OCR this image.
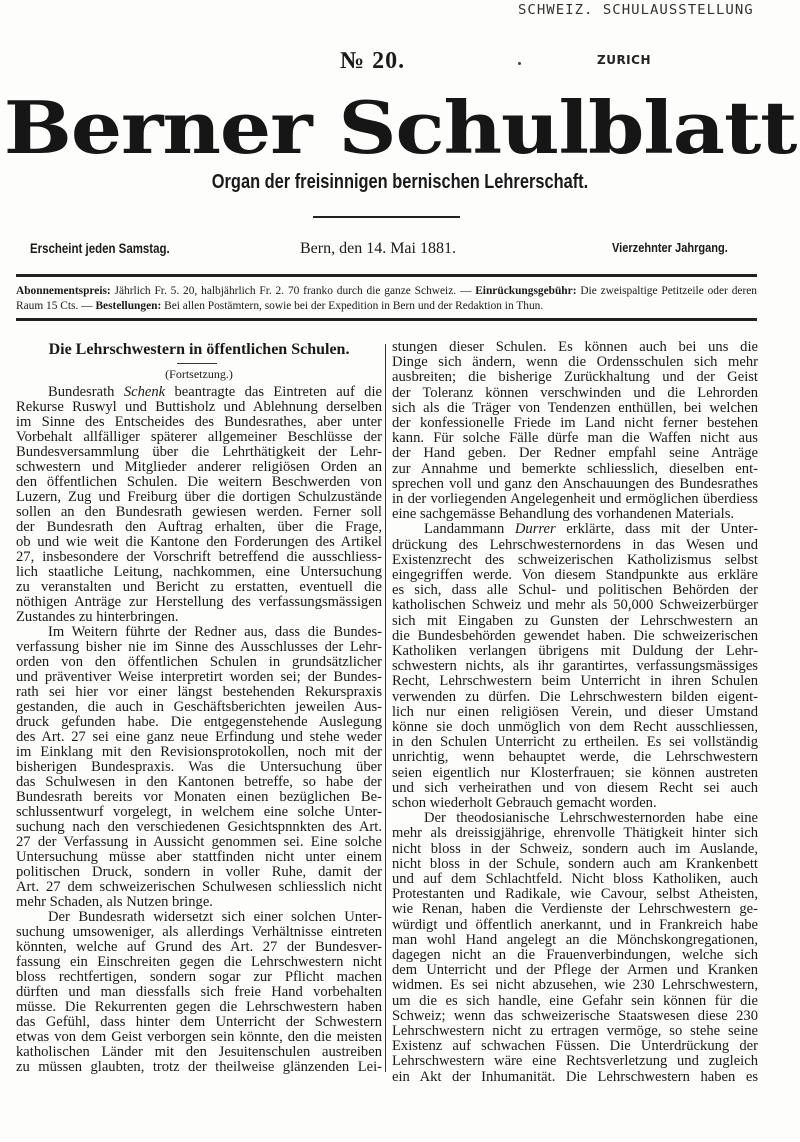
SCHWEIZ. SCHULAUSSTELLUNG
№ 20.	ZURICH
Berner Schulblatt
Organ der freisinnigen bernischen Lehrerschaft.
Erscheint jeden Samstag.	Bern, den 14. Mai 1881.	Vierzehnter Jahrgang.
Abonnementspreis: Jährlich Fr. 5. 20, halbjährlich Fr. 2. 70 franko durch die ganze Schweiz. — Einrückungsgebühr: Die zweispaltige Petitzeile oder deren Raum 15 Cts. — Bestellungen: Bei allen Postämtern, sowie bei der Expedition in Bern und der Redaktion in Thun.
Die Lehrschwestern in öffentlichen Schulen.
(Fortsetzung.)
Bundesrath Schenk beantragte das Eintreten auf die
Rekurse Ruswyl und Buttisholz und Ablehnung derselben
im Sinne des Entscheides des Bundesrathes, aber unter
Vorbehalt allfälliger späterer allgemeiner Beschlüsse der
Bundesversammlung über die Lehrthätigkeit der Lehr-
schwestern und Mitglieder anderer religiösen Orden an
den öffentlichen Schulen. Die weitern Beschwerden von
Luzern, Zug und Freiburg über die dortigen Schulzustände
sollen an den Bundesrath gewiesen werden. Ferner soll
der Bundesrath den Auftrag erhalten, über die Frage,
ob und wie weit die Kantone den Forderungen des Artikel
27, insbesondere der Vorschrift betreffend die ausschliess-
lich staatliche Leitung, nachkommen, eine Untersuchung
zu veranstalten und Bericht zu erstatten, eventuell die
nöthigen Anträge zur Herstellung des verfassungsmässigen
Zustandes zu hinterbringen.
Im Weitern führte der Redner aus, dass die Bundes-
verfassung bisher nie im Sinne des Ausschlusses der Lehr-
orden von den öffentlichen Schulen in grundsätzlicher
und präventiver Weise interpretirt worden sei; der Bundes-
rath sei hier vor einer längst bestehenden Rekurspraxis
gestanden, die auch in Geschäftsberichten jeweilen Aus-
druck gefunden habe. Die entgegenstehende Auslegung
des Art. 27 sei eine ganz neue Erfindung und stehe weder
im Einklang mit den Revisionsprotokollen, noch mit der
bisherigen Bundespraxis. Was die Untersuchung über
das Schulwesen in den Kantonen betreffe, so habe der
Bundesrath bereits vor Monaten einen bezüglichen Be-
schlussentwurf vorgelegt, in welchem eine solche Unter-
suchung nach den verschiedenen Gesichtspnnkten des Art.
27 der Verfassung in Aussicht genommen sei. Eine solche
Untersuchung müsse aber stattfinden nicht unter einem
politischen Druck, sondern in voller Ruhe, damit der
Art. 27 dem schweizerischen Schulwesen schliesslich nicht
mehr Schaden, als Nutzen bringe.
Der Bundesrath widersetzt sich einer solchen Unter-
suchung umsoweniger, als allerdings Verhältnisse eintreten
könnten, welche auf Grund des Art. 27 der Bundesver-
fassung ein Einschreiten gegen die Lehrschwestern nicht
bloss rechtfertigen, sondern sogar zur Pflicht machen
dürften und man diessfalls sich freie Hand vorbehalten
müsse. Die Rekurrenten gegen die Lehrschwestern haben
das Gefühl, dass hinter dem Unterricht der Schwestern
etwas von dem Geist verborgen sein könnte, den die meisten
katholischen Länder mit den Jesuitenschulen austreiben
zu müssen glaubten, trotz der theilweise glänzenden Lei-
stungen dieser Schulen. Es können auch bei uns die
Dinge sich ändern, wenn die Ordensschulen sich mehr
ausbreiten; die bisherige Zurückhaltung und der Geist
der Toleranz können verschwinden und die Lehrorden
sich als die Träger von Tendenzen enthüllen, bei welchen
der konfessionelle Friede im Land nicht ferner bestehen
kann. Für solche Fälle dürfe man die Waffen nicht aus
der Hand geben. Der Redner empfahl seine Anträge
zur Annahme und bemerkte schliesslich, dieselben ent-
sprechen voll und ganz den Anschauungen des Bundesrathes
in der vorliegenden Angelegenheit und ermöglichen überdiess
eine sachgemässe Behandlung des vorhandenen Materials.
Landammann Durrer erklärte, dass mit der Unter-
drückung des Lehrschwesternordens in das Wesen und
Existenzrecht des schweizerischen Katholizismus selbst
eingegriffen werde. Von diesem Standpunkte aus erkläre
es sich, dass alle Schul- und politischen Behörden der
katholischen Schweiz und mehr als 50,000 Schweizerbürger
sich mit Eingaben zu Gunsten der Lehrschwestern an
die Bundesbehörden gewendet haben. Die schweizerischen
Katholiken verlangen übrigens mit Duldung der Lehr-
schwestern nichts, als ihr garantirtes, verfassungsmässiges
Recht, Lehrschwestern beim Unterricht in ihren Schulen
verwenden zu dürfen. Die Lehrschwestern bilden eigent-
lich nur einen religiösen Verein, und dieser Umstand
könne sie doch unmöglich von dem Recht ausschliessen,
in den Schulen Unterricht zu ertheilen. Es sei vollständig
unrichtig, wenn behauptet werde, die Lehrschwestern
seien eigentlich nur Klosterfrauen; sie können austreten
und sich verheirathen und von diesem Recht sei auch
schon wiederholt Gebrauch gemacht worden.
Der theodosianische Lehrschwesternorden habe eine
mehr als dreissigjährige, ehrenvolle Thätigkeit hinter sich
nicht bloss in der Schweiz, sondern auch im Auslande,
nicht bloss in der Schule, sondern auch am Krankenbett
und auf dem Schlachtfeld. Nicht bloss Katholiken, auch
Protestanten und Radikale, wie Cavour, selbst Atheisten,
wie Renan, haben die Verdienste der Lehrschwestern ge-
würdigt und öffentlich anerkannt, und in Frankreich habe
man wohl Hand angelegt an die Mönchskongregationen,
dagegen nicht an die Frauenverbindungen, welche sich
dem Unterricht und der Pflege der Armen und Kranken
widmen. Es sei nicht abzusehen, wie 230 Lehrschwestern,
um die es sich handle, eine Gefahr sein können für die
Schweiz; wenn das schweizerische Staatswesen diese 230
Lehrschwestern nicht zu ertragen vermöge, so stehe seine
Existenz auf schwachen Füssen. Die Unterdrückung der
Lehrschwestern wäre eine Rechtsverletzung und zugleich
ein Akt der Inhumanität. Die Lehrschwestern haben es
